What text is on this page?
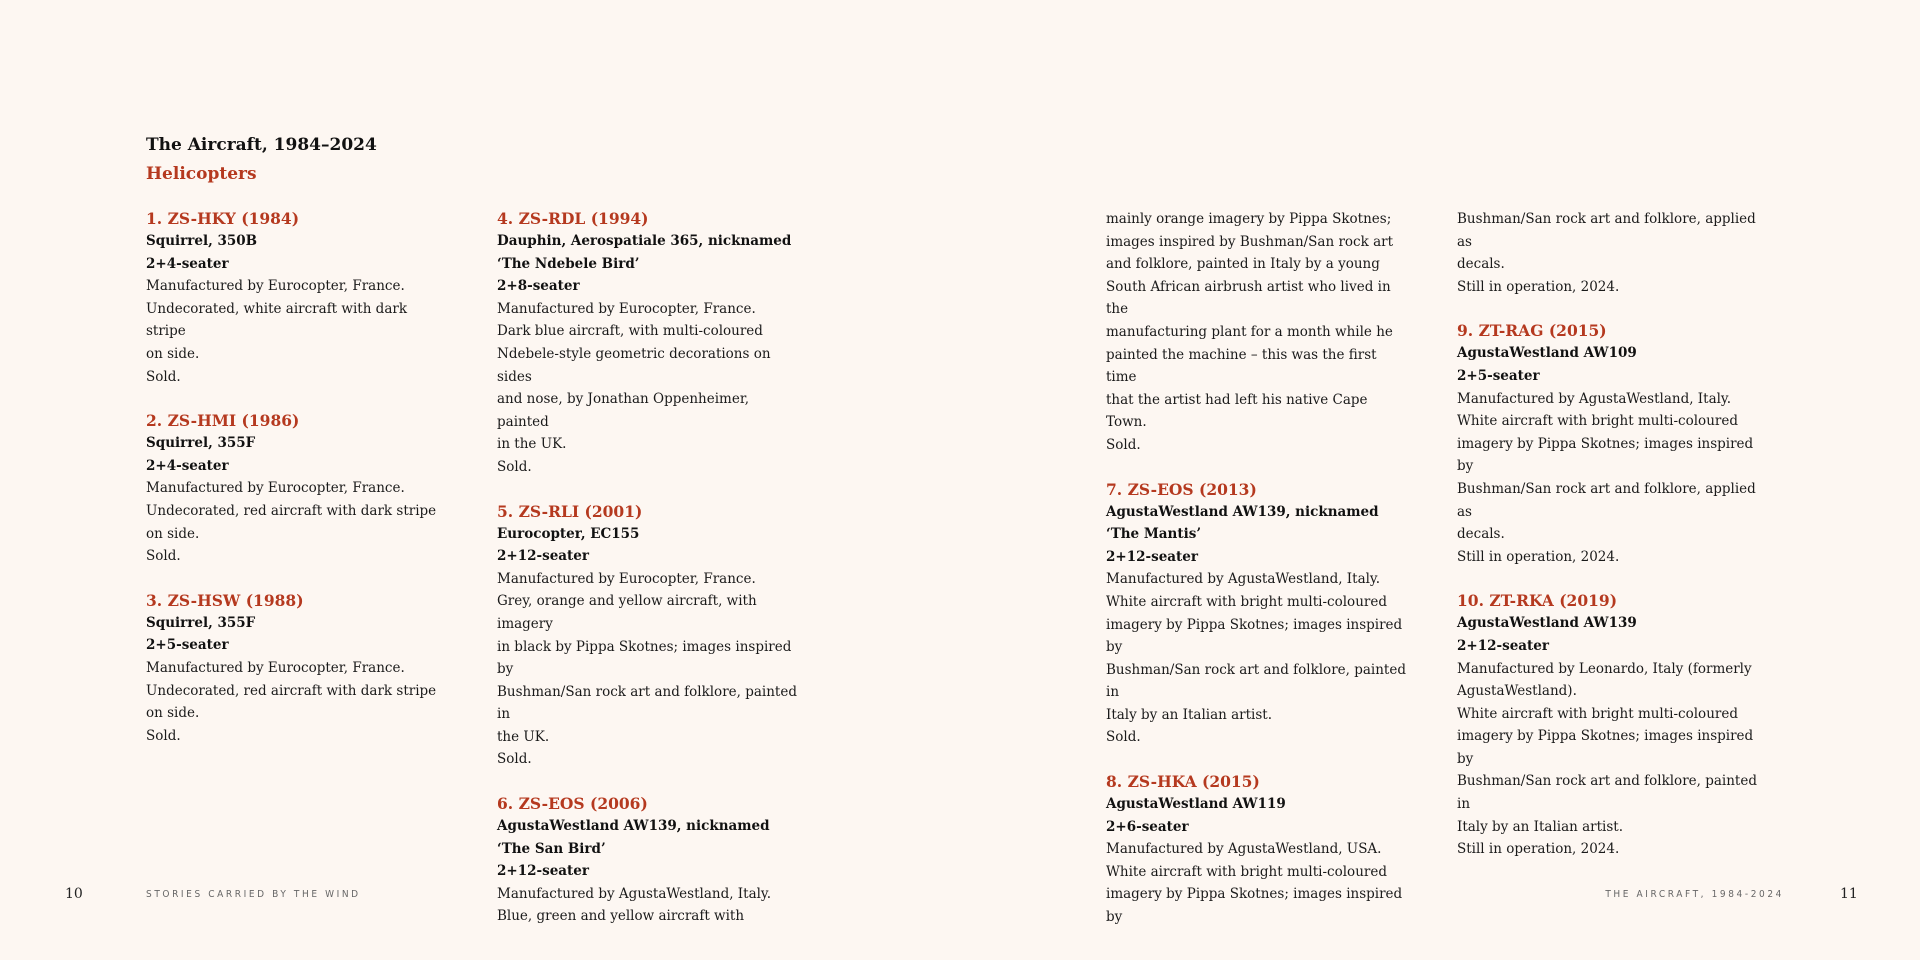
The Aircraft, 1984–2024
Helicopters
1. ZS-HKY (1984)
Squirrel, 350B
2+4-seater
Manufactured by Eurocopter, France.
Undecorated, white aircraft with dark stripe
on side.
Sold.
2. ZS-HMI (1986)
Squirrel, 355F
2+4-seater
Manufactured by Eurocopter, France.
Undecorated, red aircraft with dark stripe
on side.
Sold.
3. ZS-HSW (1988)
Squirrel, 355F
2+5-seater
Manufactured by Eurocopter, France.
Undecorated, red aircraft with dark stripe
on side.
Sold.
4. ZS-RDL (1994)
Dauphin, Aerospatiale 365, nicknamed
‘The Ndebele Bird’
2+8-seater
Manufactured by Eurocopter, France.
Dark blue aircraft, with multi-coloured
Ndebele-style geometric decorations on sides
and nose, by Jonathan Oppenheimer, painted
in the UK.
Sold.
5. ZS-RLI (2001)
Eurocopter, EC155
2+12-seater
Manufactured by Eurocopter, France.
Grey, orange and yellow aircraft, with imagery
in black by Pippa Skotnes; images inspired by
Bushman/San rock art and folklore, painted in
the UK.
Sold.
6. ZS-EOS (2006)
AgustaWestland AW139, nicknamed
‘The San Bird’
2+12-seater
Manufactured by AgustaWestland, Italy.
Blue, green and yellow aircraft with
10	STORIES CARRIED BY THE WIND
mainly orange imagery by Pippa Skotnes;
images inspired by Bushman/San rock art
and folklore, painted in Italy by a young
South African airbrush artist who lived in the
manufacturing plant for a month while he
painted the machine – this was the first time
that the artist had left his native Cape Town.
Sold.
7. ZS-EOS (2013)
AgustaWestland AW139, nicknamed
‘The Mantis’
2+12-seater
Manufactured by AgustaWestland, Italy.
White aircraft with bright multi-coloured
imagery by Pippa Skotnes; images inspired by
Bushman/San rock art and folklore, painted in
Italy by an Italian artist.
Sold.
8. ZS-HKA (2015)
AgustaWestland AW119
2+6-seater
Manufactured by AgustaWestland, USA.
White aircraft with bright multi-coloured
imagery by Pippa Skotnes; images inspired by
Bushman/San rock art and folklore, applied as
decals.
Still in operation, 2024.
9. ZT-RAG (2015)
AgustaWestland AW109
2+5-seater
Manufactured by AgustaWestland, Italy.
White aircraft with bright multi-coloured
imagery by Pippa Skotnes; images inspired by
Bushman/San rock art and folklore, applied as
decals.
Still in operation, 2024.
10. ZT-RKA (2019)
AgustaWestland AW139
2+12-seater
Manufactured by Leonardo, Italy (formerly
AgustaWestland).
White aircraft with bright multi-coloured
imagery by Pippa Skotnes; images inspired by
Bushman/San rock art and folklore, painted in
Italy by an Italian artist.
Still in operation, 2024.
THE AIRCRAFT, 1984-2024	11
